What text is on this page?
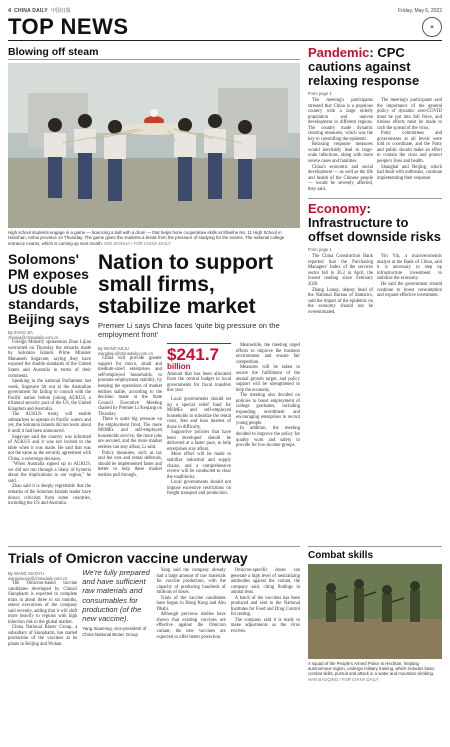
4 CHINA DAILY 中国日报	Friday, May 6, 2022
TOP NEWS	✦
Blowing off steam
High school students engage in a game — bouncing a ball with a drum — that helps hone cooperative skills at Shanhe No. 11 High School in Hanshan, Anhui province on Thursday. The game gives the students a break from the pressure of studying for the exams. The national college entrance exams, which is coming up next month. WEI ZHIHUA / FOR CHINA DAILY
Solomons' PM exposes US double standards, Beijing says
By ZHAO JIA
zhaojia@chinadaily.com.cn

Foreign Ministry spokesman Zhao Lijian welcomed on Thursday the remarks made by Solomon Islands Prime Minister Manasseh Sogavare, saying they have exposed the double standards of the United States and Australia in terms of their comments.

Speaking in the national Parliament last week, Sogavare hit out at the Australian government for failing to consult with the Pacific nation before joining AUKUS, a trilateral security pact of the US, the United Kingdom and Australia.

The AUKUS treaty will enable submarines to operate in Pacific waters and yet, the Solomon Islands did not learn about it until it had been announced.

Sogavare said the country was informed of AUKUS and it was not invited to the table when it was made. He said that was not the same as the security agreement with China, a sovereign decision.

"When Australia signed up to AUKUS, we did not run through a litany of hysteria about the implications to our region," he said.

Zhao said it is deeply regrettable that the remarks of the Solomon Islands leader have drawn criticism from some countries, including the US and Australia.

Nation to support small firms, stabilize market
Premier Li says China faces 'quite big pressure on the employment front'
By WANG KEJU
wangkeju@chinadaily.com.cn

China will provide greater support for micro, small and medium-sized enterprises and self-employed households, to promote employment stability, by keeping the operations of market entities stable, according to the decision made at the State Council Executive Meeting chaired by Premier Li Keqiang on Thursday.

There is quite big pressure on the employment front. The more MSMEs and self-employed households survive, the more jobs are secured, and the more market entities can stay afloat, Li said.

Policy measures, such as tax and fee cuts and rental deferrals, should be implemented faster and better to help these market entities pull through.

$241.7 billion
Amount that has been allocated from the central budget to local governments for fiscal transfers this year

Local governments should set up a special relief fund for MSMEs and self-employed households to subsidize the rental costs, fees and loan interest of those in difficulty.

Supportive policies that have been developed should be delivered at a faster pace, to help enterprises stay afloat.

More effort will be made to stabilize industrial and supply chains, and a comprehensive review will be conducted to clear the roadblocks.

Local governments should not impose excessive restrictions on freight transport and production.

Meanwhile, the meeting urged efforts to improve the business environment and ensure fair competition.

Measures will be taken to secure the fulfillment of the annual growth target, and policy support will be strengthened to help the economy.

The meeting also decided on policies to boost employment of college graduates, including expanding enrollment and encouraging enterprises to recruit young people.

In addition, the meeting decided to improve the policy for quality work and safety to provide for low-income groups.

Pandemic: CPC cautions against relaxing response
From page 1

The meeting's participants stressed that China is a populous country with a large elderly population and uneven development in different regions. The country made dynamic clearing measures, which was the key to controlling the epidemic.

Relaxing response measures would inevitably lead to large-scale infections, along with more severe cases and fatalities.

China's economic and social development — as well as the life and health of the Chinese people — would be severely affected, they said.

The meeting's participants said the importance of the general policy of dynamic zero-COVID must be put into full force, and tireless efforts must be made to curb the spread of the virus.

Party committees and governments at all levels were told to coordinate, and the Party and public should make an effort to contain the virus and protect people's lives and health.

Shanghai and Beijing, which had dealt with outbreaks, continue implementing their response.

Economy: Infrastructure to offset downside risks
From page 1

The China Construction Bank reported that the Purchasing Managers' Index of the services sector fell to 36.2 in April, the lowest reading since February 2020.

Zhang Lianqi, deputy head of the National Bureau of Statistics, said the impact of the epidemic on the economy should not be overestimated.

Yin Yin, a macroeconomic analyst at the Bank of China, said it is necessary to step up infrastructure investment to stabilize the economy.

He said the government should continue to boost consumption and expand effective investment.

Trials of Omicron vaccine underway
By WANG XIAOYU
wangxiaoyu@chinadaily.com.cn

The Omicron-based vaccine candidates developed by China's Sinopharm is expected to complete trials in about three to six months, senior executives of the company said recently, adding that it will shift more heavily to regions with high infection risk to the global market.

China National Biotec Group, a subsidiary of Sinopharm, has started production of the vaccines at its plants in Beijing and Wuhan.

We're fully prepared and have sufficient raw materials and consumables for production (of the new vaccine).
Yang Xiaoming, vice-president of China National Biotec Group

Yang said the company already had a large amount of raw materials for vaccine production, with the capacity of producing hundreds of millions of doses.

Trials of the vaccine candidates have begun in Hong Kong and Abu Dhabi.

Although previous studies have shown that existing vaccines are effective against the Omicron variant, the new vaccines are expected to offer better protection.

Omicron-specific doses can generate a high level of neutralizing antibodies against the variant, the company said, citing findings in animal tests.

A batch of the vaccines has been produced and sent to the National Institutes for Food and Drug Control for testing.

The company said it is ready to make adjustments as the virus evolves.

Combat skills
A squad of the People's Armed Police in Hechtan, Xinjiang autonomous region, undergo military training, which includes basic combat skills, pursuit and attack in a water and mountain climbing. HAN BAOQING / FOR CHINA DAILY
